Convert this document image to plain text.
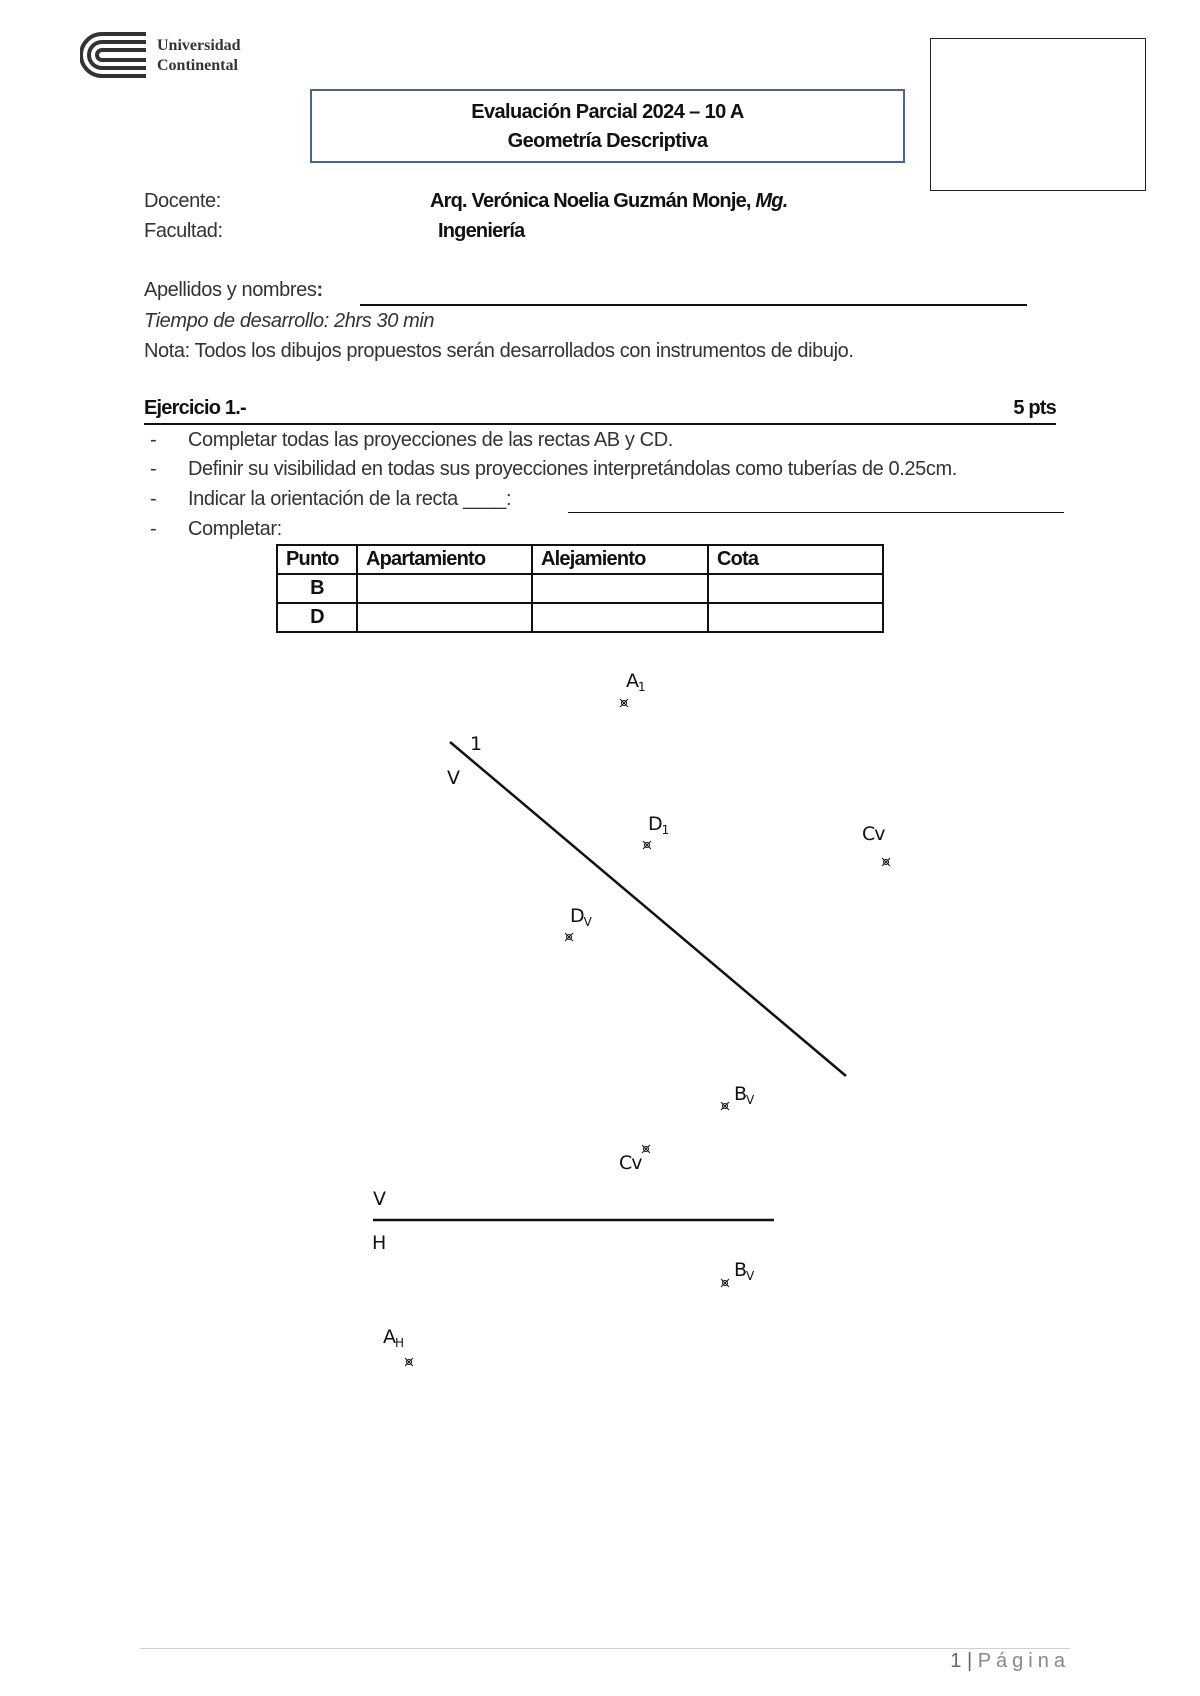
Universidad
Continental
Evaluación Parcial 2024 – 10 A
Geometría Descriptiva
Docente:	Arq. Verónica Noelia Guzmán Monje, Mg.
Facultad:	Ingeniería
Apellidos y nombres:
Tiempo de desarrollo: 2hrs 30 min
Nota: Todos los dibujos propuestos serán desarrollados con instrumentos de dibujo.
Ejercicio 1.-	5 pts
- Completar todas las proyecciones de las rectas AB y CD.
- Definir su visibilidad en todas sus proyecciones interpretándolas como tuberías de 0.25cm.
- Indicar la orientación de la recta ____:
- Completar:
Punto	Apartamiento	Alejamiento	Cota
B			
D			
$A_1$
1
V
$D_1$	Cv
$D_V$
$B_V$
Cv
V
H
$B_V$
$A_H$
1 | Página
